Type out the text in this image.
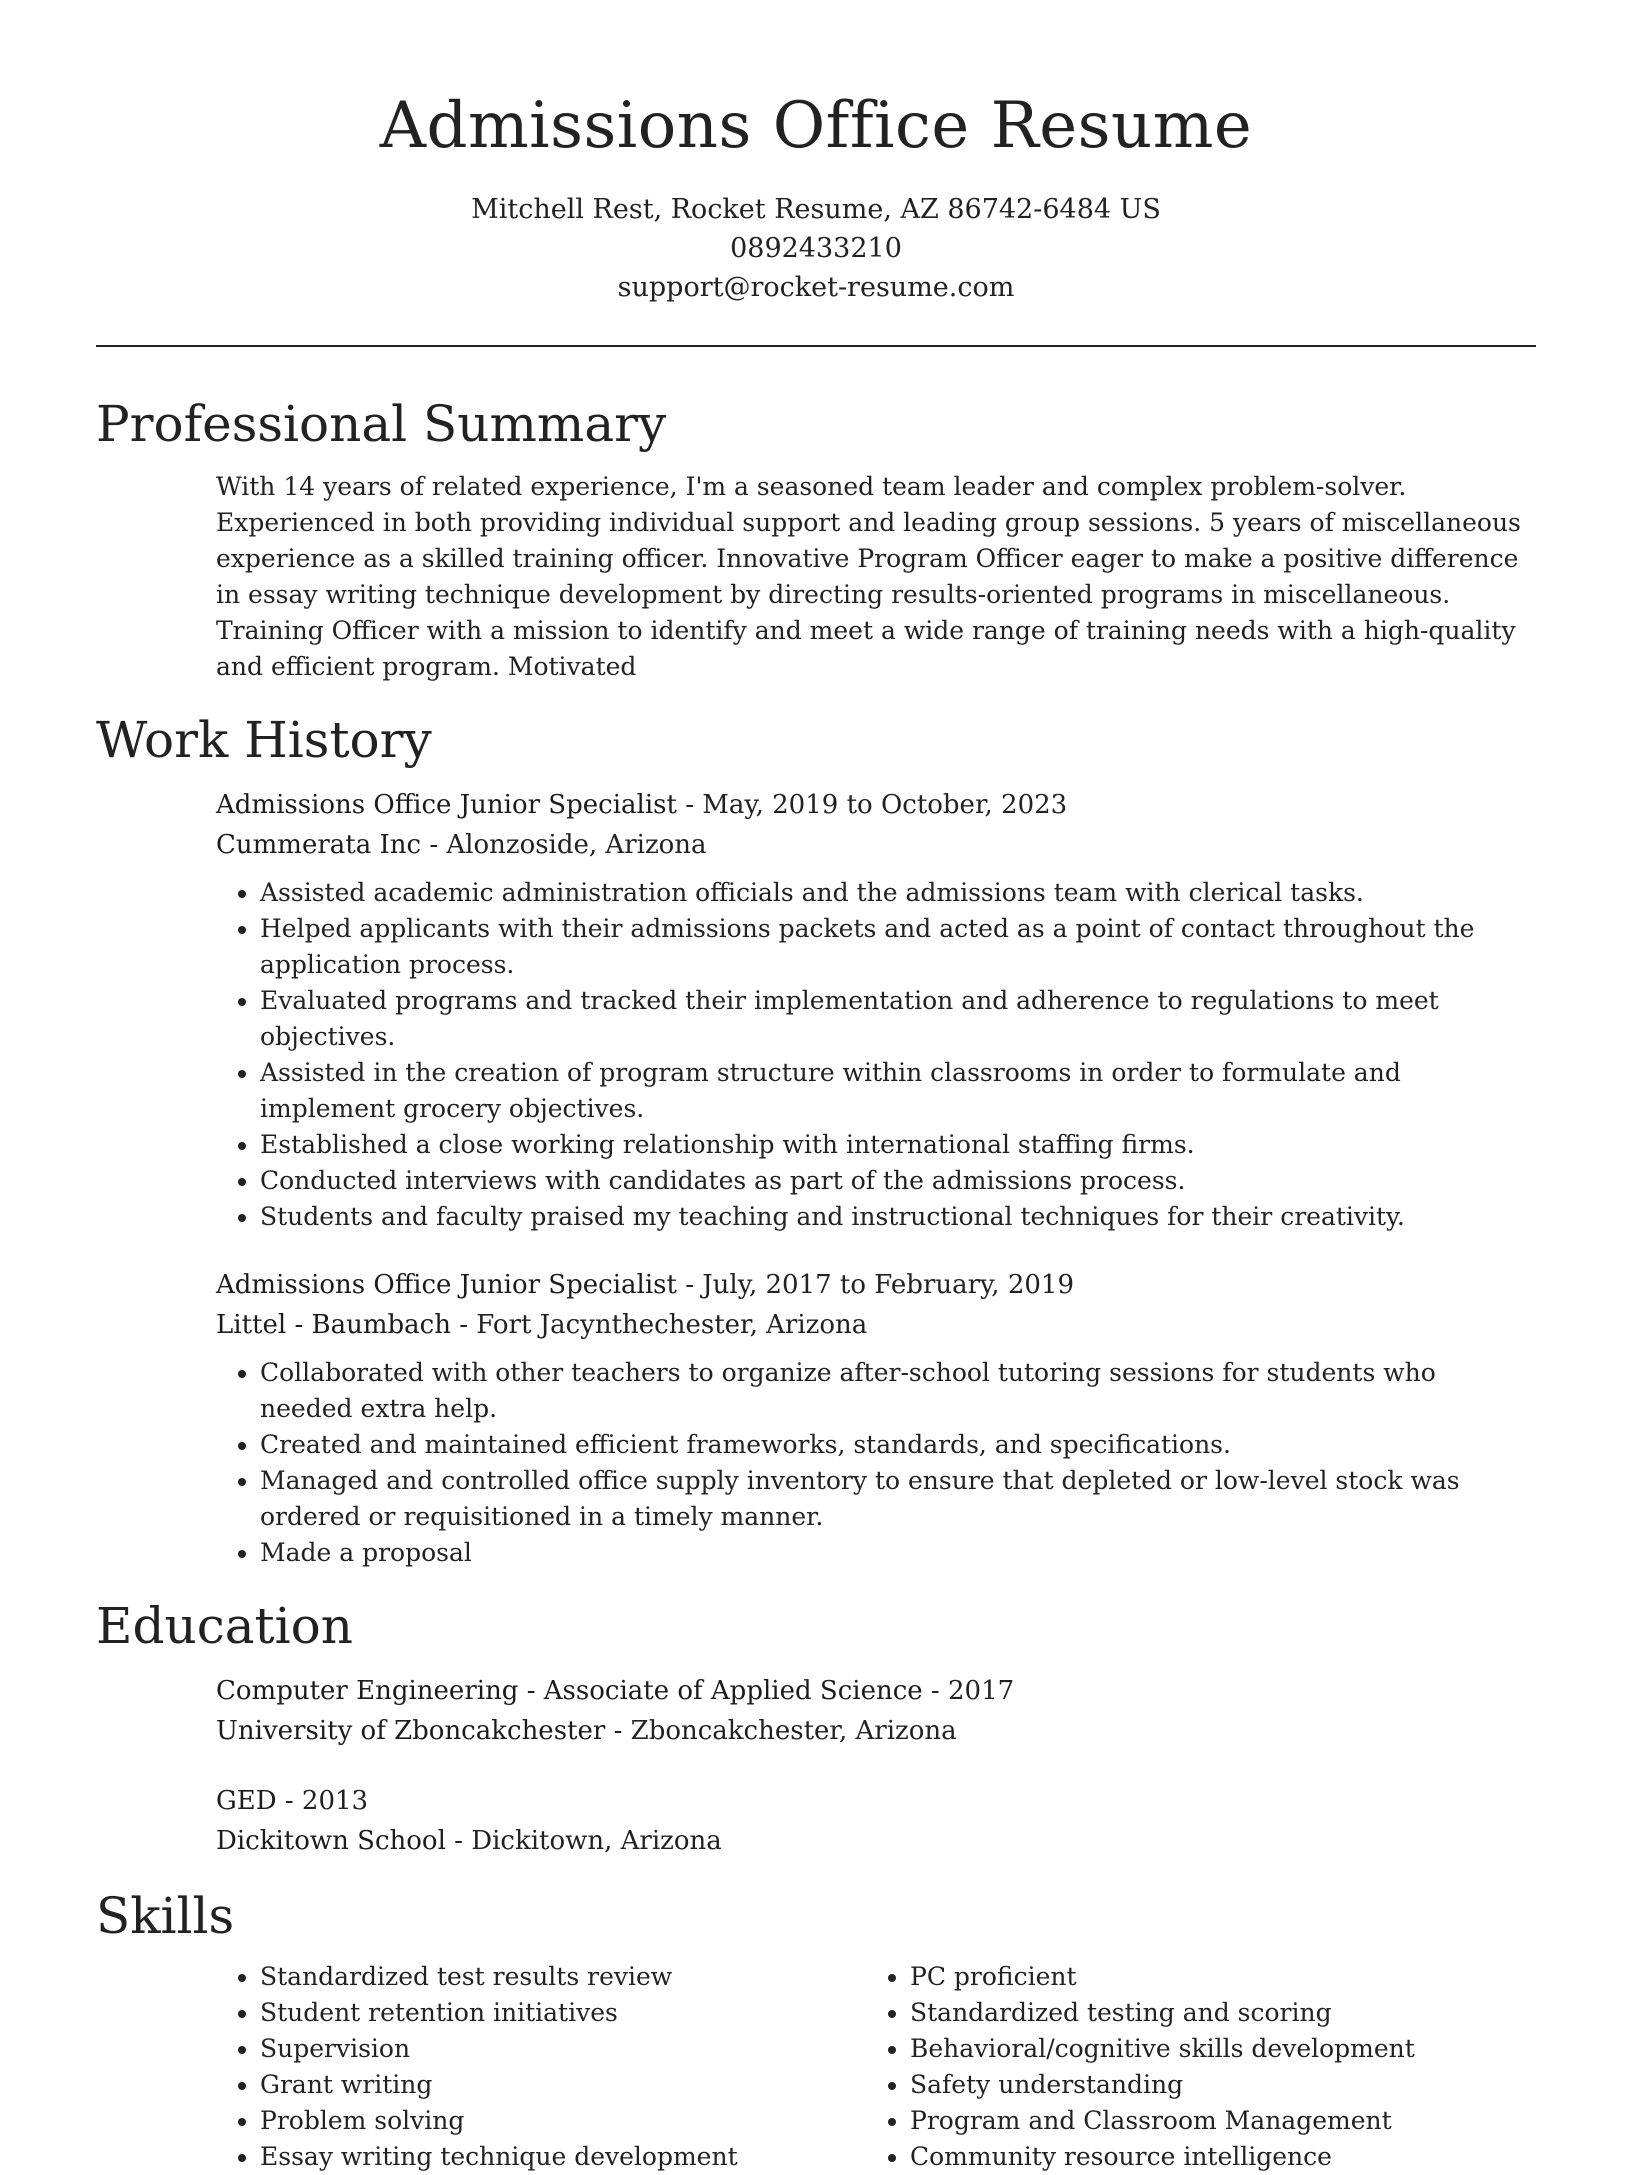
Admissions Office Resume
Mitchell Rest, Rocket Resume, AZ 86742-6484 US
0892433210
support@rocket-resume.com
Professional Summary

With 14 years of related experience, I'm a seasoned team leader and complex problem-solver. Experienced in both providing individual support and leading group sessions. 5 years of miscellaneous experience as a skilled training officer. Innovative Program Officer eager to make a positive difference in essay writing technique development by directing results-oriented programs in miscellaneous. Training Officer with a mission to identify and meet a wide range of training needs with a high-quality and efficient program. Motivated

Work History
Admissions Office Junior Specialist - May, 2019 to October, 2023
Cummerata Inc - Alonzoside, Arizona
• Assisted academic administration officials and the admissions team with clerical tasks.
• Helped applicants with their admissions packets and acted as a point of contact throughout the application process.
• Evaluated programs and tracked their implementation and adherence to regulations to meet objectives.
• Assisted in the creation of program structure within classrooms in order to formulate and implement grocery objectives.
• Established a close working relationship with international staffing firms.
• Conducted interviews with candidates as part of the admissions process.
• Students and faculty praised my teaching and instructional techniques for their creativity.
Admissions Office Junior Specialist - July, 2017 to February, 2019
Littel - Baumbach - Fort Jacynthechester, Arizona
• Collaborated with other teachers to organize after-school tutoring sessions for students who needed extra help.
• Created and maintained efficient frameworks, standards, and specifications.
• Managed and controlled office supply inventory to ensure that depleted or low-level stock was ordered or requisitioned in a timely manner.
• Made a proposal
Education
Computer Engineering - Associate of Applied Science - 2017
University of Zboncakchester - Zboncakchester, Arizona
GED - 2013
Dickitown School - Dickitown, Arizona
Skills
• Standardized test results review
• Student retention initiatives
• Supervision
• Grant writing
• Problem solving
• Essay writing technique development
• PC proficient
• Standardized testing and scoring
• Behavioral/cognitive skills development
• Safety understanding
• Program and Classroom Management
• Community resource intelligence
